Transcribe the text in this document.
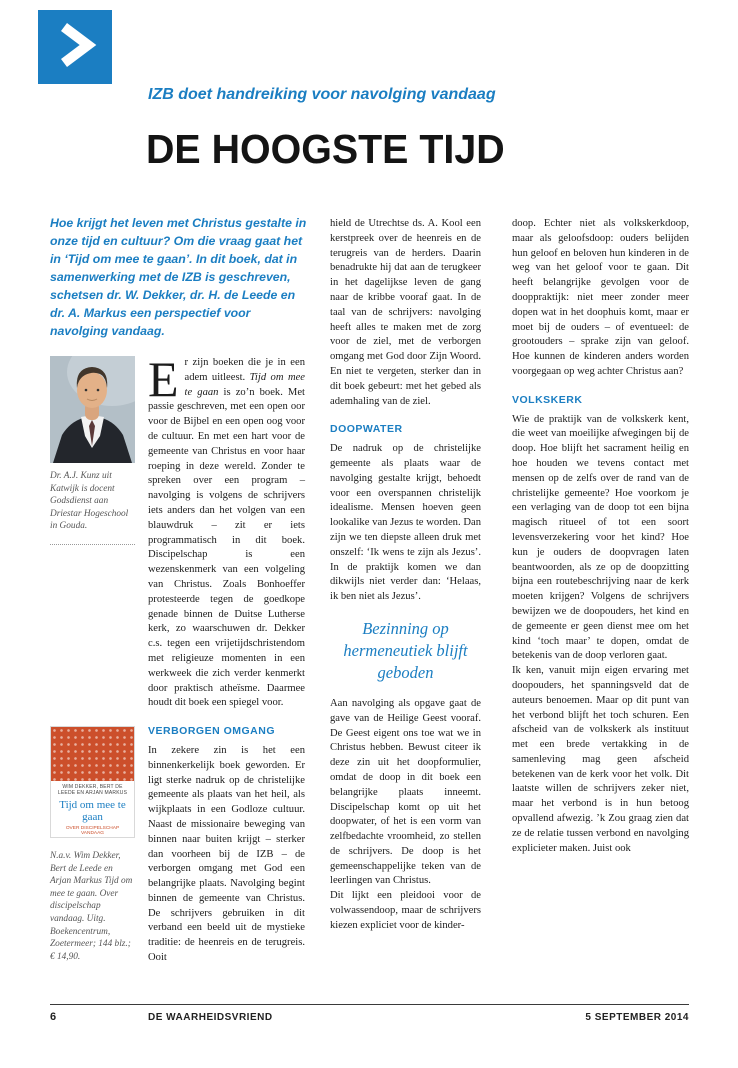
IZB doet handreiking voor navolging vandaag
DE HOOGSTE TIJD
Hoe krijgt het leven met Christus gestalte in onze tijd en cultuur? Om die vraag gaat het in ‘Tijd om mee te gaan’. In dit boek, dat in samenwerking met de IZB is geschreven, schetsen dr. W. Dekker, dr. H. de Leede en dr. A. Markus een perspectief voor navolging vandaag.
Dr. A.J. Kunz uit Katwijk is docent Godsdienst aan Driestar Hogeschool in Gouda.
WIM DEKKER, BERT DE LEEDE EN ARJAN MARKUS
Tijd om mee te gaan
OVER DISCIPELSCHAP VANDAAG
N.a.v. Wim Dekker, Bert de Leede en Arjan Markus Tijd om mee te gaan. Over discipelschap vandaag. Uitg. Boekencentrum, Zoetermeer; 144 blz.; € 14,90.

Er zijn boeken die je in een adem uitleest. Tijd om mee te gaan is zo’n boek. Met passie geschreven, met een open oor voor de Bijbel en een open oog voor de cultuur. En met een hart voor de gemeente van Christus en voor haar roeping in deze wereld. Zonder te spreken over een program – navolging is volgens de schrijvers iets anders dan het volgen van een blauwdruk – zit er iets programmatisch in dit boek. Discipelschap is een wezenskenmerk van een volgeling van Christus. Zoals Bonhoeffer protesteerde tegen de goedkope genade binnen de Duitse Lutherse kerk, zo waarschuwen dr. Dekker c.s. tegen een vrijetijdschristendom met religieuze momenten in een werkweek die zich verder kenmerkt door praktisch atheïsme. Daarmee houdt dit boek een spiegel voor.

VERBORGEN OMGANG

In zekere zin is het een binnenkerkelijk boek geworden. Er ligt sterke nadruk op de christelijke gemeente als plaats van het heil, als wijkplaats in een Godloze cultuur. Naast de missionaire beweging van binnen naar buiten krijgt – sterker dan voorheen bij de IZB – de verborgen omgang met God een belangrijke plaats. Navolging begint binnen de gemeente van Christus. De schrijvers gebruiken in dit verband een beeld uit de mystieke traditie: de heenreis en de terugreis. Ooit

hield de Utrechtse ds. A. Kool een kerstpreek over de heenreis en de terugreis van de herders. Daarin benadrukte hij dat aan de terugkeer in het dagelijkse leven de gang naar de kribbe vooraf gaat. In de taal van de schrijvers: navolging heeft alles te maken met de zorg voor de ziel, met de verborgen omgang met God door Zijn Woord. En niet te vergeten, sterker dan in dit boek gebeurt: met het gebed als ademhaling van de ziel.

DOOPWATER

De nadruk op de christelijke gemeente als plaats waar de navolging gestalte krijgt, behoedt voor een overspannen christelijk idealisme. Mensen hoeven geen lookalike van Jezus te worden. Dan zijn we ten diepste alleen druk met onszelf: ‘Ik wens te zijn als Jezus’. In de praktijk komen we dan dikwijls niet verder dan: ‘Helaas, ik ben niet als Jezus’.

Bezinning op hermeneutiek blijft geboden

Aan navolging als opgave gaat de gave van de Heilige Geest vooraf. De Geest eigent ons toe wat we in Christus hebben. Bewust citeer ik deze zin uit het doopformulier, omdat de doop in dit boek een belangrijke plaats inneemt. Discipelschap komt op uit het doopwater, of het is een vorm van zelfbedachte vroomheid, zo stellen de schrijvers. De doop is het gemeenschappelijke teken van de leerlingen van Christus.

Dit lijkt een pleidooi voor de volwassendoop, maar de schrijvers kiezen expliciet voor de kinder-

doop. Echter niet als volkskerkdoop, maar als geloofsdoop: ouders belijden hun geloof en beloven hun kinderen in de weg van het geloof voor te gaan. Dit heeft belangrijke gevolgen voor de dooppraktijk: niet meer zonder meer dopen wat in het doophuis komt, maar er moet bij de ouders – of eventueel: de grootouders – sprake zijn van geloof. Hoe kunnen de kinderen anders worden voorgegaan op weg achter Christus aan?

VOLKSKERK

Wie de praktijk van de volkskerk kent, die weet van moeilijke afwegingen bij de doop. Hoe blijft het sacrament heilig en hoe houden we tevens contact met mensen op de zelfs over de rand van de christelijke gemeente? Hoe voorkom je een verlaging van de doop tot een bijna magisch ritueel of tot een soort levensverzekering voor het kind? Hoe kun je ouders de doopvragen laten beantwoorden, als ze op de doopzitting bijna een routebeschrijving naar de kerk moeten krijgen? Volgens de schrijvers bewijzen we de doopouders, het kind en de gemeente er geen dienst mee om het kind ‘toch maar’ te dopen, omdat de betekenis van de doop verloren gaat.

Ik ken, vanuit mijn eigen ervaring met doopouders, het spanningsveld dat de auteurs benoemen. Maar op dit punt van het verbond blijft het toch schuren. Een afscheid van de volkskerk als instituut met een brede vertakking in de samenleving mag geen afscheid betekenen van de kerk voor het volk. Dit laatste willen de schrijvers zeker niet, maar het verbond is in hun betoog opvallend afwezig. ’k Zou graag zien dat ze de relatie tussen verbond en navolging explicieter maken. Juist ook

6	DE WAARHEIDSVRIEND	5 SEPTEMBER 2014
